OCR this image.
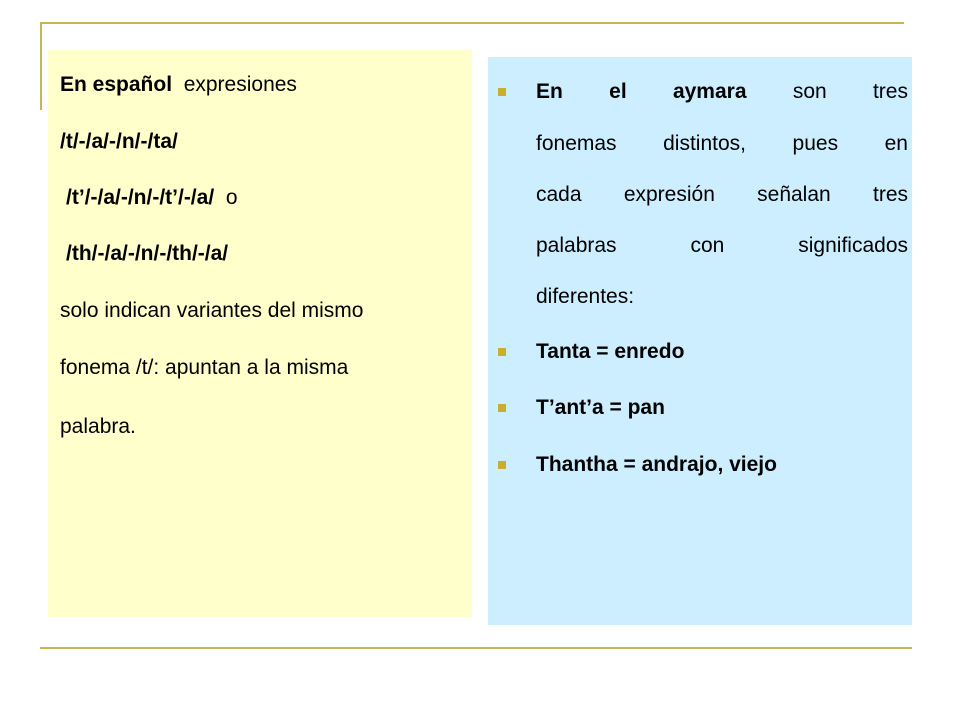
En español expresiones

/t/-/a/-/n/-/ta/

/t’/-/a/-/n/-/t’/-/a/ o

/th/-/a/-/n/-/th/-/a/

solo indican variantes del mismo

fonema /t/: apuntan a la misma

palabra.

En el aymara son tres
fonemas distintos, pues en
cada expresión señalan tres
palabras con significados
diferentes:

Tanta = enredo

T’ant’a = pan

Thantha = andrajo, viejo
